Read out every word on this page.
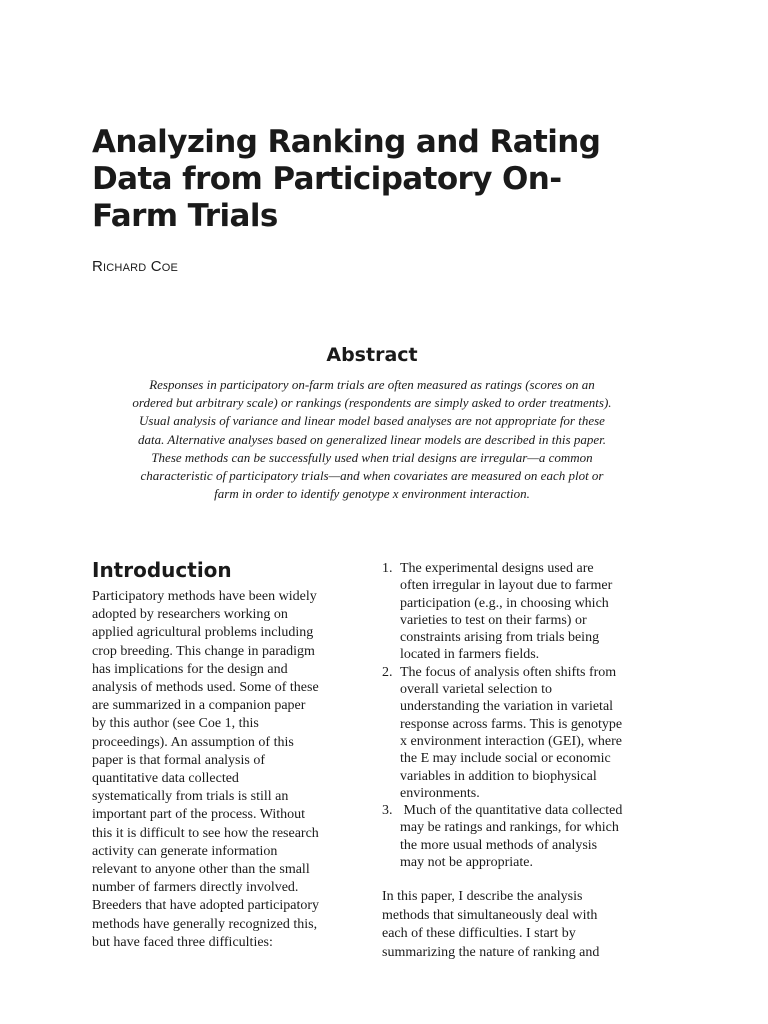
Analyzing Ranking and Rating
Data from Participatory On-
Farm Trials
Richard Coe
Abstract
Responses in participatory on-farm trials are often measured as ratings (scores on an
ordered but arbitrary scale) or rankings (respondents are simply asked to order treatments).
Usual analysis of variance and linear model based analyses are not appropriate for these
data. Alternative analyses based on generalized linear models are described in this paper.
These methods can be successfully used when trial designs are irregular—a common
characteristic of participatory trials—and when covariates are measured on each plot or
farm in order to identify genotype x environment interaction.
Introduction
Participatory methods have been widely
adopted by researchers working on
applied agricultural problems including
crop breeding. This change in paradigm
has implications for the design and
analysis of methods used. Some of these
are summarized in a companion paper
by this author (see Coe 1, this
proceedings). An assumption of this
paper is that formal analysis of
quantitative data collected
systematically from trials is still an
important part of the process. Without
this it is difficult to see how the research
activity can generate information
relevant to anyone other than the small
number of farmers directly involved.
Breeders that have adopted participatory
methods have generally recognized this,
but have faced three difficulties:
1. The experimental designs used are
often irregular in layout due to farmer
participation (e.g., in choosing which
varieties to test on their farms) or
constraints arising from trials being
located in farmers fields.
2. The focus of analysis often shifts from
overall varietal selection to
understanding the variation in varietal
response across farms. This is genotype
x environment interaction (GEI), where
the E may include social or economic
variables in addition to biophysical
environments.
3. Much of the quantitative data collected
may be ratings and rankings, for which
the more usual methods of analysis
may not be appropriate.
In this paper, I describe the analysis
methods that simultaneously deal with
each of these difficulties. I start by
summarizing the nature of ranking and
